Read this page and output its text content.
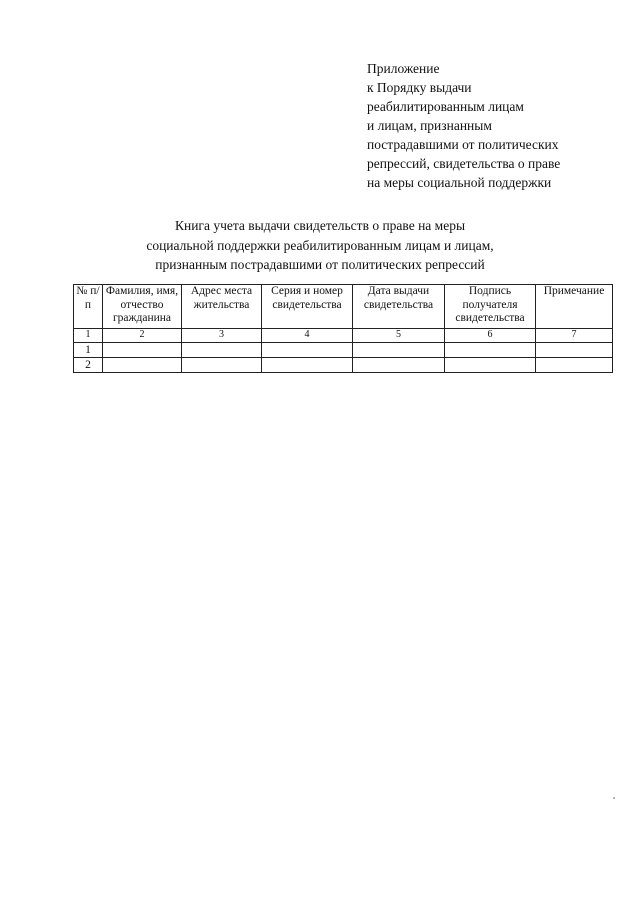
Приложение
к Порядку выдачи
реабилитированным лицам
и лицам, признанным
пострадавшими от политических
репрессий, свидетельства о праве
на меры социальной поддержки
Книга учета выдачи свидетельств о праве на меры
социальной поддержки реабилитированным лицам и лицам,
признанным пострадавшими от политических репрессий
№ п/п	Фамилия, имя, отчество гражданина	Адрес места жительства	Серия и номер свидетельства	Дата выдачи свидетельства	Подпись получателя свидетельства	Примечание
1	2	3	4	5	6	7
1						
2						
